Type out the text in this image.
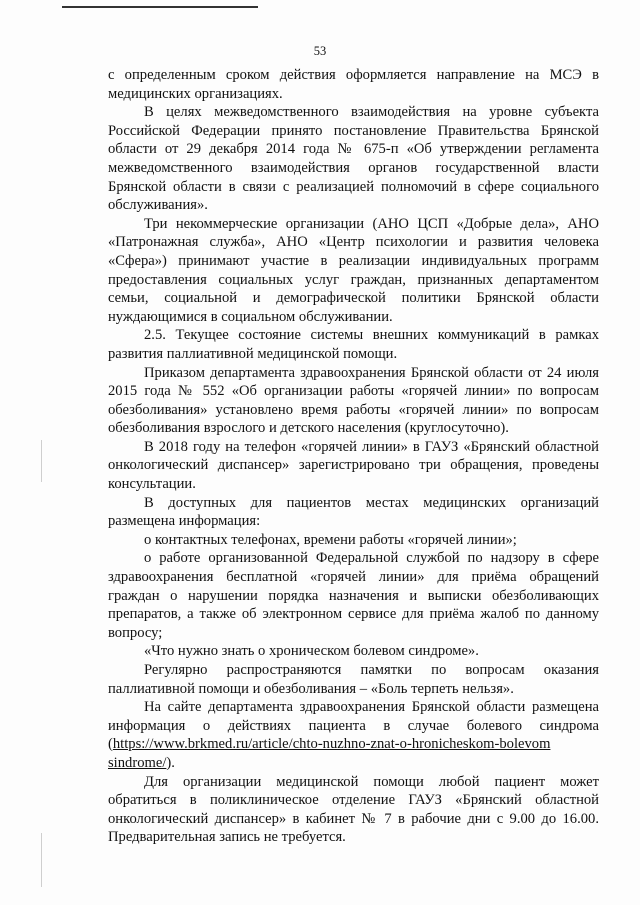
53

с определенным сроком действия оформляется направление на МСЭ в медицинских организациях.

В целях межведомственного взаимодействия на уровне субъекта Российской Федерации принято постановление Правительства Брянской области от 29 декабря 2014 года № 675-п «Об утверждении регламента межведомственного взаимодействия органов государственной власти Брянской области в связи с реализацией полномочий в сфере социального обслуживания».

Три некоммерческие организации (АНО ЦСП «Добрые дела», АНО «Патронажная служба», АНО «Центр психологии и развития человека «Сфера») принимают участие в реализации индивидуальных программ предоставления социальных услуг граждан, признанных департаментом семьи, социальной и демографической политики Брянской области нуждающимися в социальном обслуживании.

2.5. Текущее состояние системы внешних коммуникаций в рамках развития паллиативной медицинской помощи.

Приказом департамента здравоохранения Брянской области от 24 июля 2015 года № 552 «Об организации работы «горячей линии» по вопросам обезболивания» установлено время работы «горячей линии» по вопросам обезболивания взрослого и детского населения (круглосуточно).

В 2018 году на телефон «горячей линии» в ГАУЗ «Брянский областной онкологический диспансер» зарегистрировано три обращения, проведены консультации.

В доступных для пациентов местах медицинских организаций размещена информация:

о контактных телефонах, времени работы «горячей линии»;

о работе организованной Федеральной службой по надзору в сфере здравоохранения бесплатной «горячей линии» для приёма обращений граждан о нарушении порядка назначения и выписки обезболивающих препаратов, а также об электронном сервисе для приёма жалоб по данному вопросу;

«Что нужно знать о хроническом болевом синдроме».

Регулярно распространяются памятки по вопросам оказания паллиативной помощи и обезболивания – «Боль терпеть нельзя».

На сайте департамента здравоохранения Брянской области размещена информация о действиях пациента в случае болевого синдрома (https://www.brkmed.ru/article/chto-nuzhno-znat-o-hronicheskom-bolevom sindrome/).

Для организации медицинской помощи любой пациент может обратиться в поликлиническое отделение ГАУЗ «Брянский областной онкологический диспансер» в кабинет № 7 в рабочие дни с 9.00 до 16.00. Предварительная запись не требуется.
